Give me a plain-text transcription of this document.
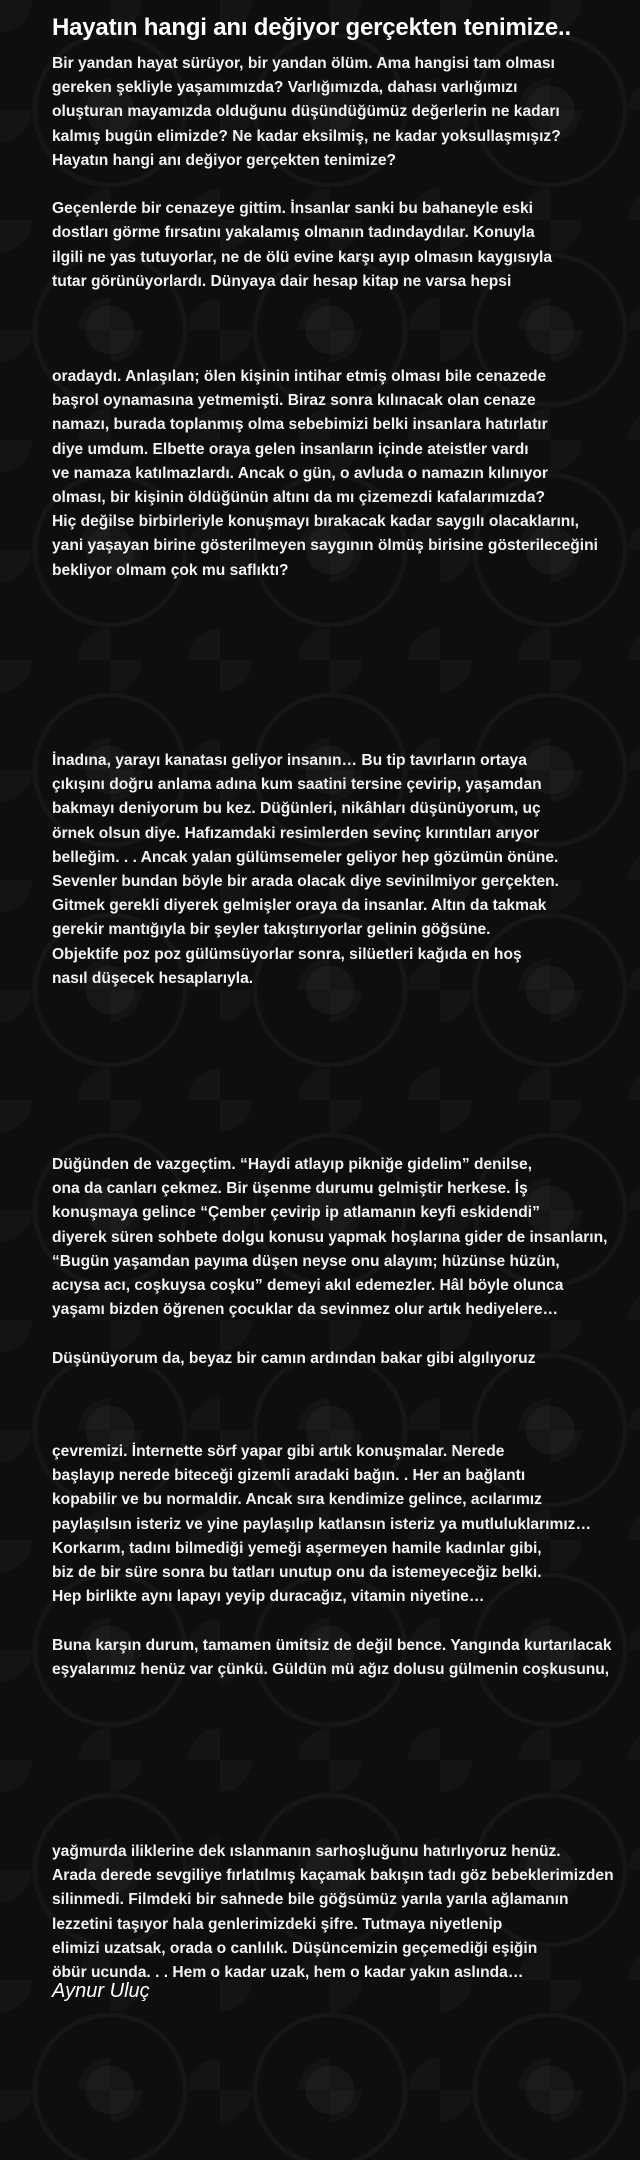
Hayatın hangi anı değiyor gerçekten tenimize..
Bir yandan hayat sürüyor, bir yandan ölüm. Ama hangisi tam olması
gereken şekliyle yaşamımızda? Varlığımızda, dahası varlığımızı
oluşturan mayamızda olduğunu düşündüğümüz değerlerin ne kadarı
kalmış bugün elimizde? Ne kadar eksilmiş, ne kadar yoksullaşmışız?
Hayatın hangi anı değiyor gerçekten tenimize?
Geçenlerde bir cenazeye gittim. İnsanlar sanki bu bahaneyle eski
dostları görme fırsatını yakalamış olmanın tadındaydılar. Konuyla
ilgili ne yas tutuyorlar, ne de ölü evine karşı ayıp olmasın kaygısıyla
tutar görünüyorlardı. Dünyaya dair hesap kitap ne varsa hepsi
oradaydı. Anlaşılan; ölen kişinin intihar etmiş olması bile cenazede
başrol oynamasına yetmemişti. Biraz sonra kılınacak olan cenaze
namazı, burada toplanmış olma sebebimizi belki insanlara hatırlatır
diye umdum. Elbette oraya gelen insanların içinde ateistler vardı
ve namaza katılmazlardı. Ancak o gün, o avluda o namazın kılınıyor
olması, bir kişinin öldüğünün altını da mı çizemezdi kafalarımızda?
Hiç değilse birbirleriyle konuşmayı bırakacak kadar saygılı olacaklarını,
yani yaşayan birine gösterilmeyen saygının ölmüş birisine gösterileceğini
bekliyor olmam çok mu saflıktı?
İnadına, yarayı kanatası geliyor insanın… Bu tip tavırların ortaya
çıkışını doğru anlama adına kum saatini tersine çevirip, yaşamdan
bakmayı deniyorum bu kez. Düğünleri, nikâhları düşünüyorum, uç
örnek olsun diye. Hafızamdaki resimlerden sevinç kırıntıları arıyor
belleğim. . . Ancak yalan gülümsemeler geliyor hep gözümün önüne.
Sevenler bundan böyle bir arada olacak diye sevinilmiyor gerçekten.
Gitmek gerekli diyerek gelmişler oraya da insanlar. Altın da takmak
gerekir mantığıyla bir şeyler takıştırıyorlar gelinin göğsüne.
Objektife poz poz gülümsüyorlar sonra, silüetleri kağıda en hoş
nasıl düşecek hesaplarıyla.
Düğünden de vazgeçtim. “Haydi atlayıp pikniğe gidelim” denilse,
ona da canları çekmez. Bir üşenme durumu gelmiştir herkese. İş
konuşmaya gelince “Çember çevirip ip atlamanın keyfi eskidendi”
diyerek süren sohbete dolgu konusu yapmak hoşlarına gider de insanların,
“Bugün yaşamdan payıma düşen neyse onu alayım; hüzünse hüzün,
acıysa acı, coşkuysa coşku” demeyi akıl edemezler. Hâl böyle olunca
yaşamı bizden öğrenen çocuklar da sevinmez olur artık hediyelere…
Düşünüyorum da, beyaz bir camın ardından bakar gibi algılıyoruz
çevremizi. İnternette sörf yapar gibi artık konuşmalar. Nerede
başlayıp nerede biteceği gizemli aradaki bağın. . Her an bağlantı
kopabilir ve bu normaldir. Ancak sıra kendimize gelince, acılarımız
paylaşılsın isteriz ve yine paylaşılıp katlansın isteriz ya mutluluklarımız…
Korkarım, tadını bilmediği yemeği aşermeyen hamile kadınlar gibi,
biz de bir süre sonra bu tatları unutup onu da istemeyeceğiz belki.
Hep birlikte aynı lapayı yeyip duracağız, vitamin niyetine…
Buna karşın durum, tamamen ümitsiz de değil bence. Yangında kurtarılacak
eşyalarımız henüz var çünkü. Güldün mü ağız dolusu gülmenin coşkusunu,
yağmurda iliklerine dek ıslanmanın sarhoşluğunu hatırlıyoruz henüz.
Arada derede sevgiliye fırlatılmış kaçamak bakışın tadı göz bebeklerimizden
silinmedi. Filmdeki bir sahnede bile göğsümüz yarıla yarıla ağlamanın
lezzetini taşıyor hala genlerimizdeki şifre. Tutmaya niyetlenip
elimizi uzatsak, orada o canlılık. Düşüncemizin geçemediği eşiğin
öbür ucunda. . . Hem o kadar uzak, hem o kadar yakın aslında…
Aynur Uluç
